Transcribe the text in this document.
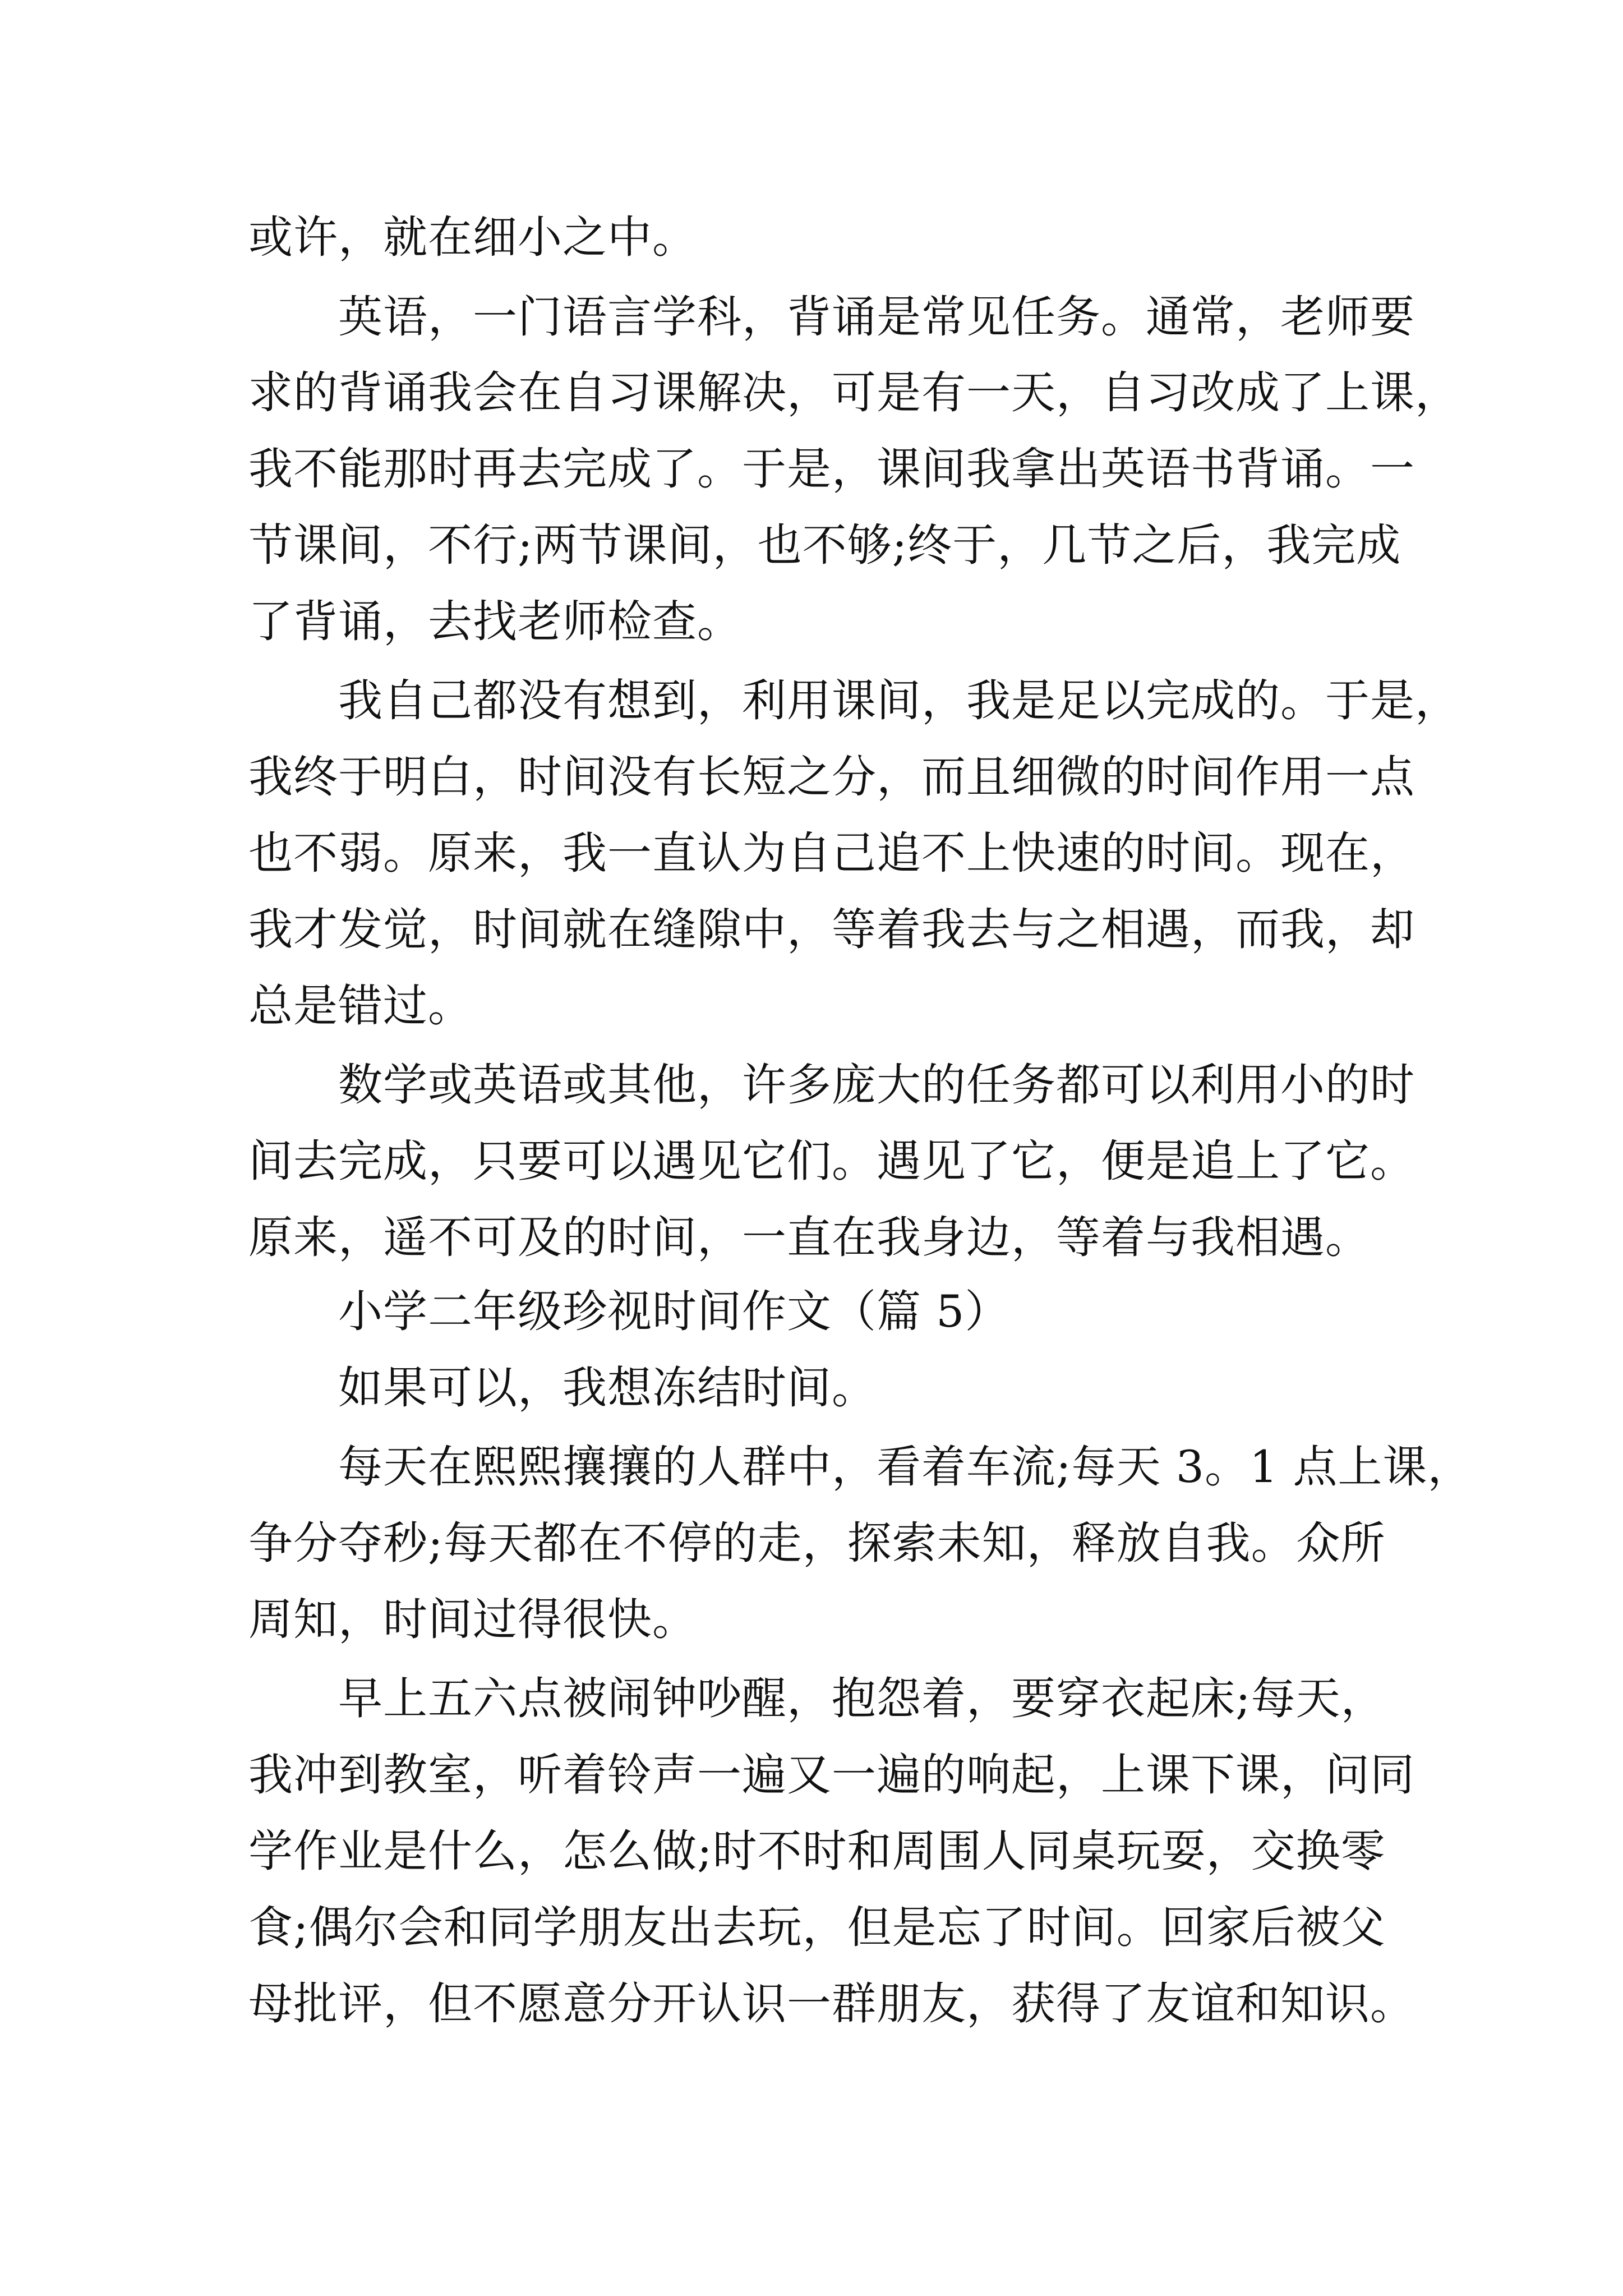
或许，就在细小之中。

英语，一门语言学科，背诵是常见任务。通常，老师要

求的背诵我会在自习课解决，可是有一天，自习改成了上课，

我不能那时再去完成了。于是，课间我拿出英语书背诵。一

节课间，不行;两节课间，也不够;终于，几节之后，我完成

了背诵，去找老师检查。

我自己都没有想到，利用课间，我是足以完成的。于是，

我终于明白，时间没有长短之分，而且细微的时间作用一点

也不弱。原来，我一直认为自己追不上快速的时间。现在，

我才发觉，时间就在缝隙中，等着我去与之相遇，而我，却

总是错过。

数学或英语或其他，许多庞大的任务都可以利用小的时

间去完成，只要可以遇见它们。遇见了它，便是追上了它。

原来，遥不可及的时间，一直在我身边，等着与我相遇。

小学二年级珍视时间作文（篇 5）

如果可以，我想冻结时间。

每天在熙熙攘攘的人群中，看着车流;每天 3。1 点上课，

争分夺秒;每天都在不停的走，探索未知，释放自我。众所

周知，时间过得很快。

早上五六点被闹钟吵醒，抱怨着，要穿衣起床;每天，

我冲到教室，听着铃声一遍又一遍的响起，上课下课，问同

学作业是什么，怎么做;时不时和周围人同桌玩耍，交换零

食;偶尔会和同学朋友出去玩，但是忘了时间。回家后被父

母批评，但不愿意分开认识一群朋友，获得了友谊和知识。
